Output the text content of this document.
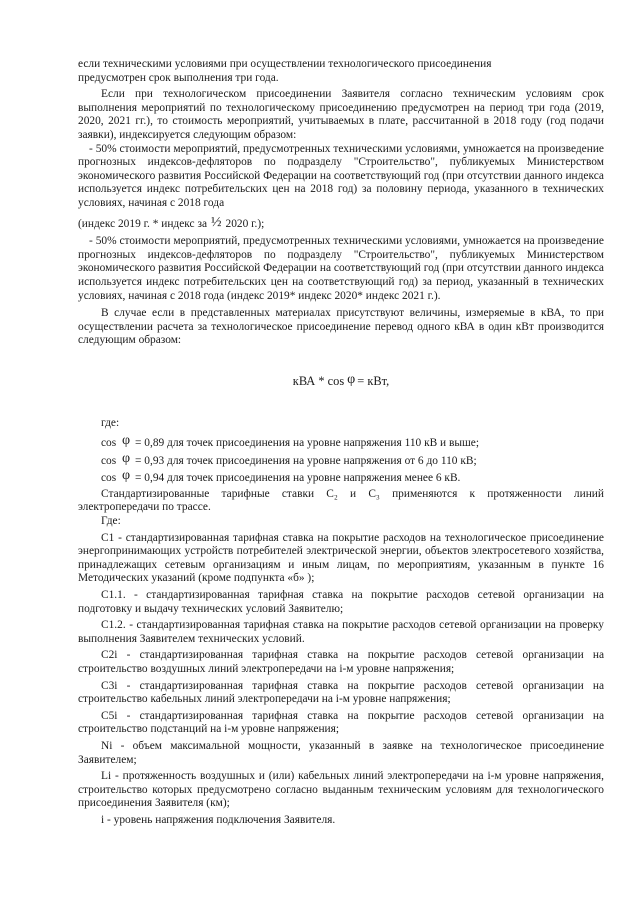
если техническими условиями при осуществлении технологического присоединения

предусмотрен срок выполнения три года.

Если при технологическом присоединении Заявителя согласно техническим условиям срок выполнения мероприятий по технологическому присоединению предусмотрен на период три года (2019, 2020, 2021 гг.), то стоимость мероприятий, учитываемых в плате, рассчитанной в 2018 году (год подачи заявки), индексируется следующим образом:

- 50% стоимости мероприятий, предусмотренных техническими условиями, умножается на произведение прогнозных индексов-дефляторов по подразделу "Строительство", публикуемых Министерством экономического развития Российской Федерации на соответствующий год (при отсутствии данного индекса используется индекс потребительских цен на 2018 год) за половину периода, указанного в технических условиях, начиная с 2018 года

(индекс 2019 г. * индекс за ½ 2020 г.);

- 50% стоимости мероприятий, предусмотренных техническими условиями, умножается на произведение прогнозных индексов-дефляторов по подразделу "Строительство", публикуемых Министерством экономического развития Российской Федерации на соответствующий год (при отсутствии данного индекса используется индекс потребительских цен на соответствующий год) за период, указанный в технических условиях, начиная с 2018 года (индекс 2019* индекс 2020* индекс 2021 г.).

В случае если в представленных материалах присутствуют величины, измеряемые в кВА, то при осуществлении расчета за технологическое присоединение перевод одного кВА в один кВт производится следующим образом:

кВА * cos φ = кВт,

где:

cos φ = 0,89 для точек присоединения на уровне напряжения 110 кВ и выше;

cos φ = 0,93 для точек присоединения на уровне напряжения от 6 до 110 кВ;

cos φ = 0,94 для точек присоединения на уровне напряжения менее 6 кВ.

Стандартизированные тарифные ставки С₂ и С₃ применяются к протяженности линий электропередачи по трассе.

Где:

С1 - стандартизированная тарифная ставка на покрытие расходов на технологическое присоединение энергопринимающих устройств потребителей электрической энергии, объектов электросетевого хозяйства, принадлежащих сетевым организациям и иным лицам, по мероприятиям, указанным в пункте 16 Методических указаний (кроме подпункта «б» );

С1.1. - стандартизированная тарифная ставка на покрытие расходов сетевой организации на подготовку и выдачу технических условий Заявителю;

С1.2. - стандартизированная тарифная ставка на покрытие расходов сетевой организации на проверку выполнения Заявителем технических условий.

С2i - стандартизированная тарифная ставка на покрытие расходов сетевой организации на строительство воздушных линий электропередачи на i-м уровне напряжения;

С3i - стандартизированная тарифная ставка на покрытие расходов сетевой организации на строительство кабельных линий электропередачи на i-м уровне напряжения;

С5i - стандартизированная тарифная ставка на покрытие расходов сетевой организации на строительство подстанций на i-м уровне напряжения;

Ni - объем максимальной мощности, указанный в заявке на технологическое присоединение Заявителем;

Li - протяженность воздушных и (или) кабельных линий электропередачи на i-м уровне напряжения, строительство которых предусмотрено согласно выданным техническим условиям для технологического присоединения Заявителя (км);

i - уровень напряжения подключения Заявителя.
